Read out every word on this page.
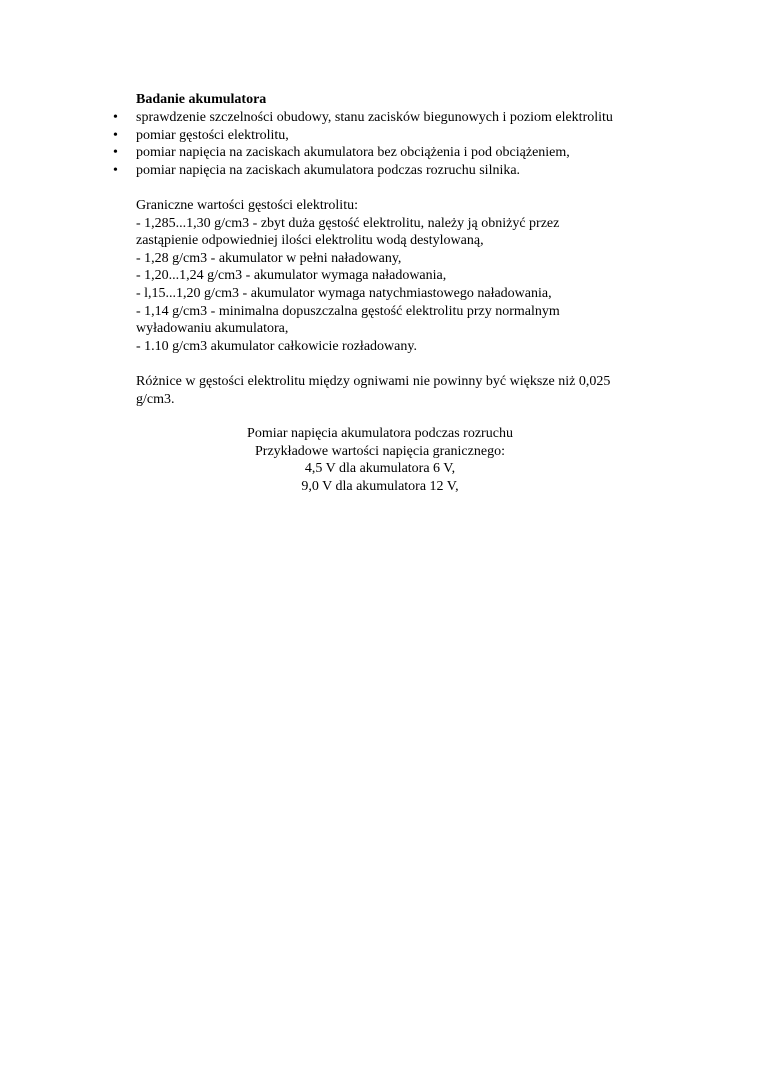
Badanie akumulatora

• sprawdzenie szczelności obudowy, stanu zacisków biegunowych i poziom elektrolitu
• pomiar gęstości elektrolitu,
• pomiar napięcia na zaciskach akumulatora bez obciążenia i pod obciążeniem,
• pomiar napięcia na zaciskach akumulatora podczas rozruchu silnika.

Graniczne wartości gęstości elektrolitu:

- 1,285...1,30 g/cm3 - zbyt duża gęstość elektrolitu, należy ją obniżyć przez

zastąpienie odpowiedniej ilości elektrolitu wodą destylowaną,

- 1,28 g/cm3 - akumulator w pełni naładowany,

- 1,20...1,24 g/cm3 - akumulator wymaga naładowania,

- l,15...1,20 g/cm3 - akumulator wymaga natychmiastowego naładowania,

- 1,14 g/cm3 - minimalna dopuszczalna gęstość elektrolitu przy normalnym

wyładowaniu akumulatora,

- 1.10 g/cm3 akumulator całkowicie rozładowany.

Różnice w gęstości elektrolitu między ogniwami nie powinny być większe niż 0,025

g/cm3.

Pomiar napięcia akumulatora podczas rozruchu

Przykładowe wartości napięcia granicznego:

4,5 V dla akumulatora 6 V,

9,0 V dla akumulatora 12 V,
